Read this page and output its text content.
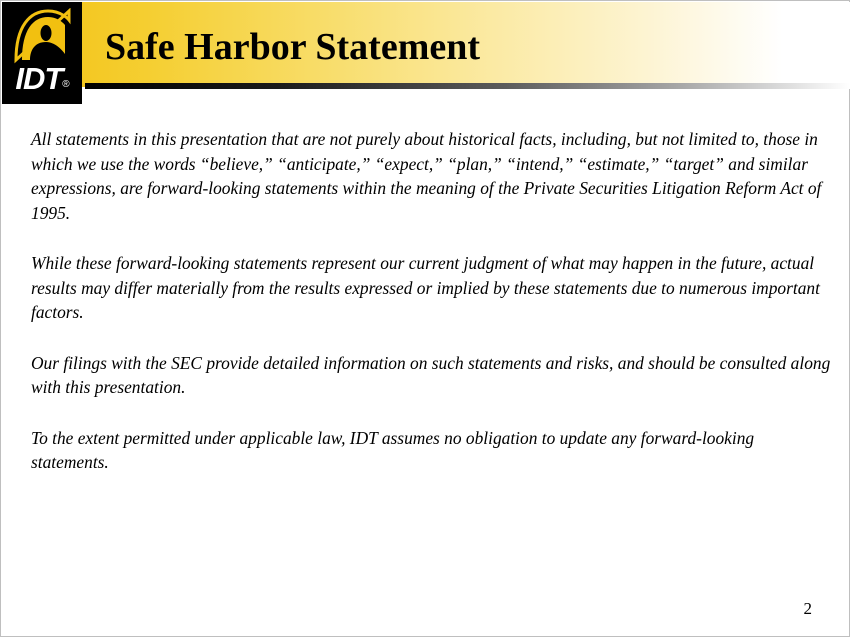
Safe Harbor Statement
IDT®

All statements in this presentation that are not purely about historical facts, including, but not limited to, those in which we use the words “believe,” “anticipate,” “expect,” “plan,” “intend,” “estimate,” “target” and similar expressions, are forward-looking statements within the meaning of the Private Securities Litigation Reform Act of 1995.

While these forward-looking statements represent our current judgment of what may happen in the future, actual results may differ materially from the results expressed or implied by these statements due to numerous important factors.

Our filings with the SEC provide detailed information on such statements and risks, and should be consulted along with this presentation.

To the extent permitted under applicable law, IDT assumes no obligation to update any forward-looking statements.

2
